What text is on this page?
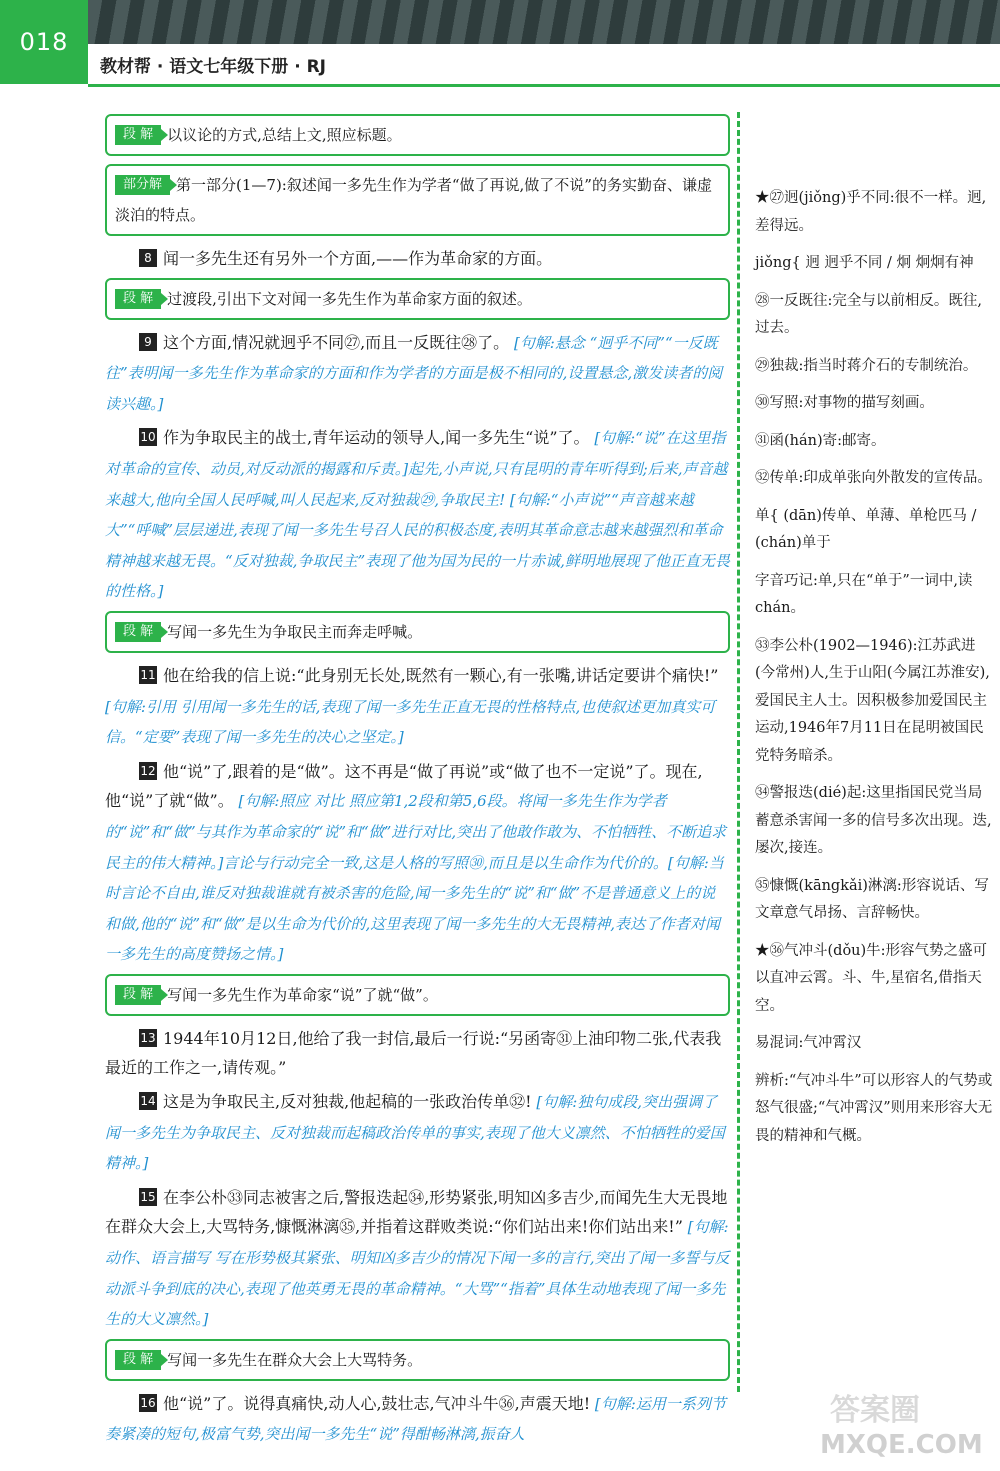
018
教材帮 · 语文七年级下册 · RJ
段 解 以议论的方式,总结上文,照应标题。
部分解 第一部分(1—7):叙述闻一多先生作为学者“做了再说,做了不说”的务实勤奋、谦虚淡泊的特点。
8 闻一多先生还有另外一个方面,——作为革命家的方面。
段 解 过渡段,引出下文对闻一多先生作为革命家方面的叙述。
9 这个方面,情况就迥乎不同㉗,而且一反既往㉘了。 [句解:悬念 “迥乎不同”“一反既往”表明闻一多先生作为革命家的方面和作为学者的方面是极不相同的,设置悬念,激发读者的阅读兴趣。]
10 作为争取民主的战士,青年运动的领导人,闻一多先生“说”了。 [句解:“说”在这里指对革命的宣传、动员,对反动派的揭露和斥责。]起先,小声说,只有昆明的青年听得到;后来,声音越来越大,他向全国人民呼喊,叫人民起来,反对独裁㉙,争取民主! [句解:“小声说”“声音越来越大”“呼喊”层层递进,表现了闻一多先生号召人民的积极态度,表明其革命意志越来越强烈和革命精神越来越无畏。“反对独裁,争取民主”表现了他为国为民的一片赤诚,鲜明地展现了他正直无畏的性格。]
段 解 写闻一多先生为争取民主而奔走呼喊。
11 他在给我的信上说:“此身别无长处,既然有一颗心,有一张嘴,讲话定要讲个痛快!” [句解:引用 引用闻一多先生的话,表现了闻一多先生正直无畏的性格特点,也使叙述更加真实可信。“定要”表现了闻一多先生的决心之坚定。]
12 他“说”了,跟着的是“做”。这不再是“做了再说”或“做了也不一定说”了。现在,他“说”了就“做”。 [句解:照应 对比 照应第1,2段和第5,6段。将闻一多先生作为学者的“说”和“做”与其作为革命家的“说”和“做”进行对比,突出了他敢作敢为、不怕牺牲、不断追求民主的伟大精神。]言论与行动完全一致,这是人格的写照㉚,而且是以生命作为代价的。[句解:当时言论不自由,谁反对独裁谁就有被杀害的危险,闻一多先生的“说”和“做”不是普通意义上的说和做,他的“说”和“做”是以生命为代价的,这里表现了闻一多先生的大无畏精神,表达了作者对闻一多先生的高度赞扬之情。]
段 解 写闻一多先生作为革命家“说”了就“做”。
13 1944年10月12日,他给了我一封信,最后一行说:“另函寄㉛上油印物二张,代表我最近的工作之一,请传观。”
14 这是为争取民主,反对独裁,他起稿的一张政治传单㉜! [句解:独句成段,突出强调了闻一多先生为争取民主、反对独裁而起稿政治传单的事实,表现了他大义凛然、不怕牺牲的爱国精神。]
15 在李公朴㉝同志被害之后,警报迭起㉞,形势紧张,明知凶多吉少,而闻先生大无畏地在群众大会上,大骂特务,慷慨淋漓㉟,并指着这群败类说:“你们站出来!你们站出来!” [句解:动作、语言描写 写在形势极其紧张、明知凶多吉少的情况下闻一多的言行,突出了闻一多誓与反动派斗争到底的决心,表现了他英勇无畏的革命精神。“大骂”“指着”具体生动地表现了闻一多先生的大义凛然。]
段 解 写闻一多先生在群众大会上大骂特务。
16 他“说”了。说得真痛快,动人心,鼓壮志,气冲斗牛㊱,声震天地! [句解:运用一系列节奏紧凑的短句,极富气势,突出闻一多先生“说”得酣畅淋漓,振奋人
★㉗迥(jiǒng)乎不同:很不一样。迥,差得远。
jiǒng{ 迥 迥乎不同 / 炯 炯炯有神
㉘一反既往:完全与以前相反。既往,过去。
㉙独裁:指当时蒋介石的专制统治。
㉚写照:对事物的描写刻画。
㉛函(hán)寄:邮寄。
㉜传单:印成单张向外散发的宣传品。
单{ (dān)传单、单薄、单枪匹马 / (chán)单于
字音巧记:单,只在“单于”一词中,读chán。
㉝李公朴(1902—1946):江苏武进(今常州)人,生于山阳(今属江苏淮安),爱国民主人士。因积极参加爱国民主运动,1946年7月11日在昆明被国民党特务暗杀。
㉞警报迭(dié)起:这里指国民党当局蓄意杀害闻一多的信号多次出现。迭,屡次,接连。
㉟慷慨(kāngkǎi)淋漓:形容说话、写文章意气昂扬、言辞畅快。
★㊱气冲斗(dǒu)牛:形容气势之盛可以直冲云霄。斗、牛,星宿名,借指天空。
易混词:气冲霄汉
辨析:“气冲斗牛”可以形容人的气势或怒气很盛;“气冲霄汉”则用来形容大无畏的精神和气概。
答案圈
MXQE.COM
